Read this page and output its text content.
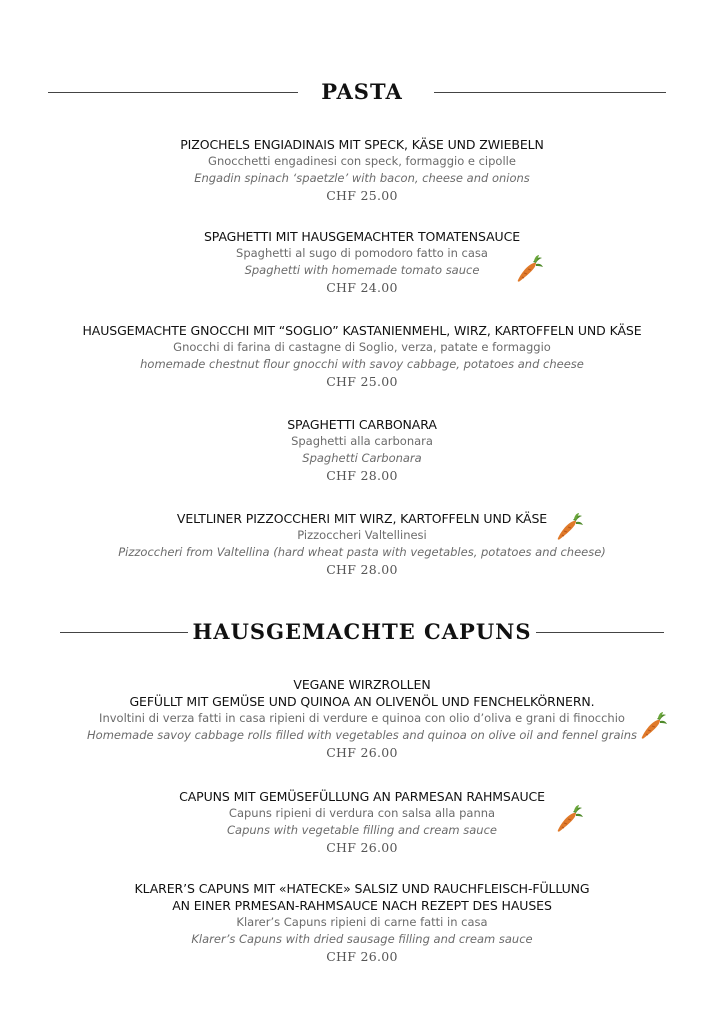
PASTA
PIZOCHELS ENGIADINAIS MIT SPECK, KÄSE UND ZWIEBELN
Gnocchetti engadinesi con speck, formaggio e cipolle
Engadin spinach ‘spaetzle’ with bacon, cheese and onions
CHF 25.00
SPAGHETTI MIT HAUSGEMACHTER TOMATENSAUCE
Spaghetti al sugo di pomodoro fatto in casa
Spaghetti with homemade tomato sauce
CHF 24.00
HAUSGEMACHTE GNOCCHI MIT “SOGLIO” KASTANIENMEHL, WIRZ, KARTOFFELN UND KÄSE
Gnocchi di farina di castagne di Soglio, verza, patate e formaggio
homemade chestnut flour gnocchi with savoy cabbage, potatoes and cheese
CHF 25.00
SPAGHETTI CARBONARA
Spaghetti alla carbonara
Spaghetti Carbonara
CHF 28.00
VELTLINER PIZZOCCHERI MIT WIRZ, KARTOFFELN UND KÄSE
Pizzoccheri Valtellinesi
Pizzoccheri from Valtellina (hard wheat pasta with vegetables, potatoes and cheese)
CHF 28.00
HAUSGEMACHTE CAPUNS
VEGANE WIRZROLLEN
GEFÜLLT MIT GEMÜSE UND QUINOA AN OLIVENÖL UND FENCHELKÖRNERN.
Involtini di verza fatti in casa ripieni di verdure e quinoa con olio d’oliva e grani di finocchio
Homemade savoy cabbage rolls filled with vegetables and quinoa on olive oil and fennel grains
CHF 26.00
CAPUNS MIT GEMÜSEFÜLLUNG AN PARMESAN RAHMSAUCE
Capuns ripieni di verdura con salsa alla panna
Capuns with vegetable filling and cream sauce
CHF 26.00
KLARER’S CAPUNS MIT «HATECKE» SALSIZ UND RAUCHFLEISCH-FÜLLUNG
AN EINER PRMESAN-RAHMSAUCE NACH REZEPT DES HAUSES
Klarer’s Capuns ripieni di carne fatti in casa
Klarer’s Capuns with dried sausage filling and cream sauce
CHF 26.00
